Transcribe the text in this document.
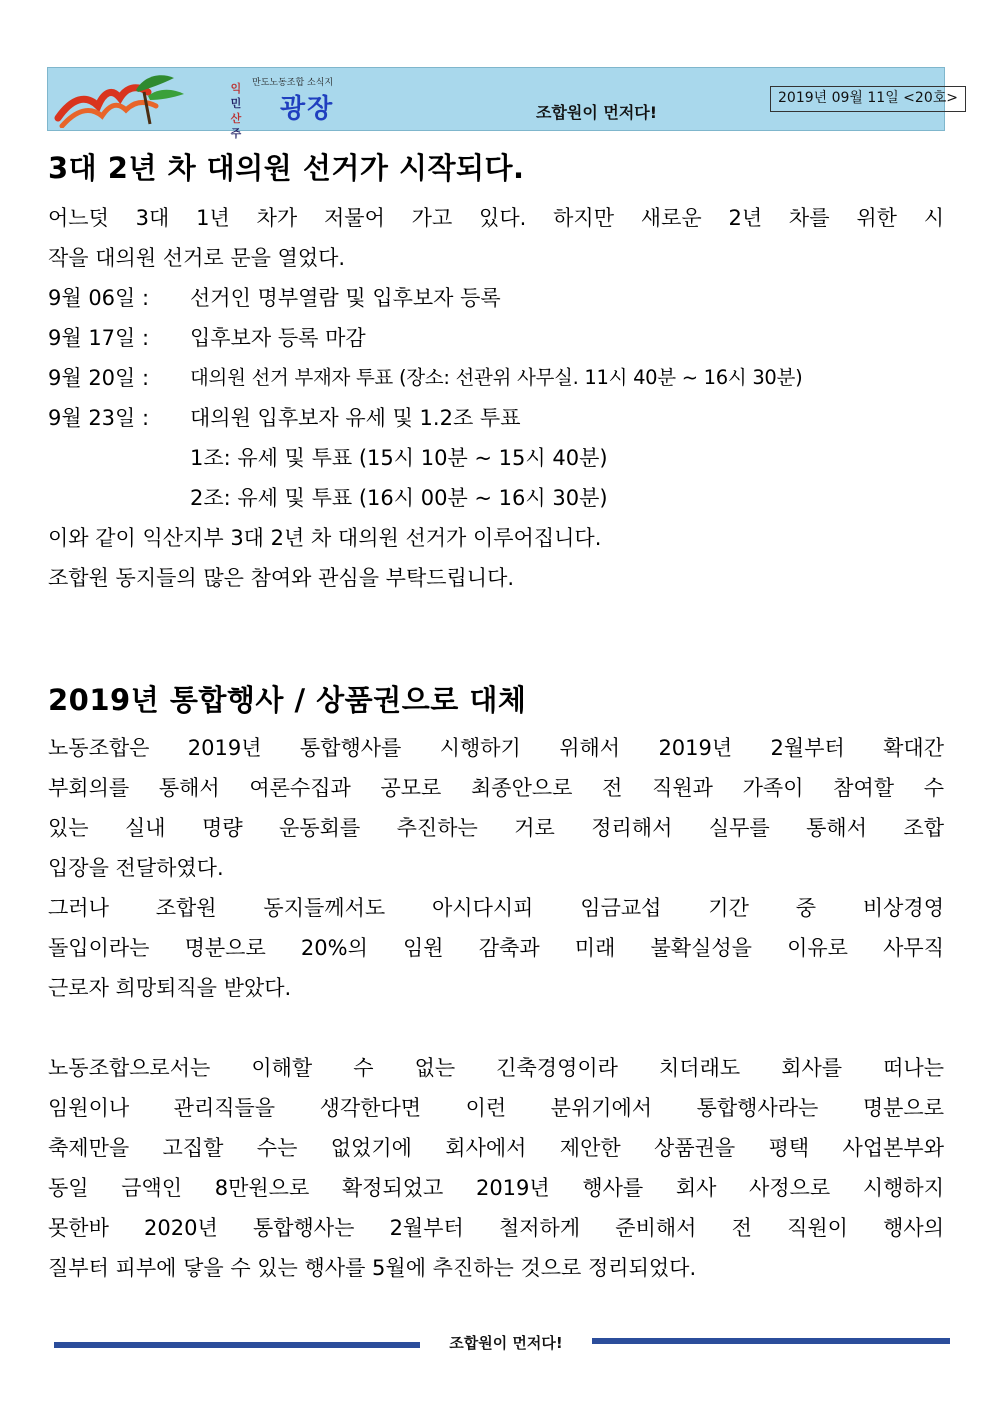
만도노동조합 소식지
익
민
산
주
광장	조합원이 먼저다!
2019년 09월 11일 <20호>
3대 2년 차 대의원 선거가 시작되다.
어느덧 3대 1년 차가 저물어 가고 있다. 하지만 새로운 2년 차를 위한 시
작을 대의원 선거로 문을 열었다.
9월 06일 : 선거인 명부열람 및 입후보자 등록
9월 17일 : 입후보자 등록 마감
9월 20일 : 대의원 선거 부재자 투표 (장소: 선관위 사무실. 11시 40분 ~ 16시 30분)
9월 23일 : 대의원 입후보자 유세 및 1.2조 투표
1조: 유세 및 투표 (15시 10분 ~ 15시 40분)
2조: 유세 및 투표 (16시 00분 ~ 16시 30분)
이와 같이 익산지부 3대 2년 차 대의원 선거가 이루어집니다.
조합원 동지들의 많은 참여와 관심을 부탁드립니다.
2019년 통합행사 / 상품권으로 대체
노동조합은 2019년 통합행사를 시행하기 위해서 2019년 2월부터 확대간
부회의를 통해서 여론수집과 공모로 최종안으로 전 직원과 가족이 참여할 수
있는 실내 명량 운동회를 추진하는 거로 정리해서 실무를 통해서 조합
입장을 전달하였다.
그러나 조합원 동지들께서도 아시다시피 임금교섭 기간 중 비상경영
돌입이라는 명분으로 20%의 임원 감축과 미래 불확실성을 이유로 사무직
근로자 희망퇴직을 받았다.
노동조합으로서는 이해할 수 없는 긴축경영이라 치더래도 회사를 떠나는
임원이나 관리직들을 생각한다면 이런 분위기에서 통합행사라는 명분으로
축제만을 고집할 수는 없었기에 회사에서 제안한 상품권을 평택 사업본부와
동일 금액인 8만원으로 확정되었고 2019년 행사를 회사 사정으로 시행하지
못한바 2020년 통합행사는 2월부터 철저하게 준비해서 전 직원이 행사의
질부터 피부에 닿을 수 있는 행사를 5월에 추진하는 것으로 정리되었다.
조합원이 먼저다!
